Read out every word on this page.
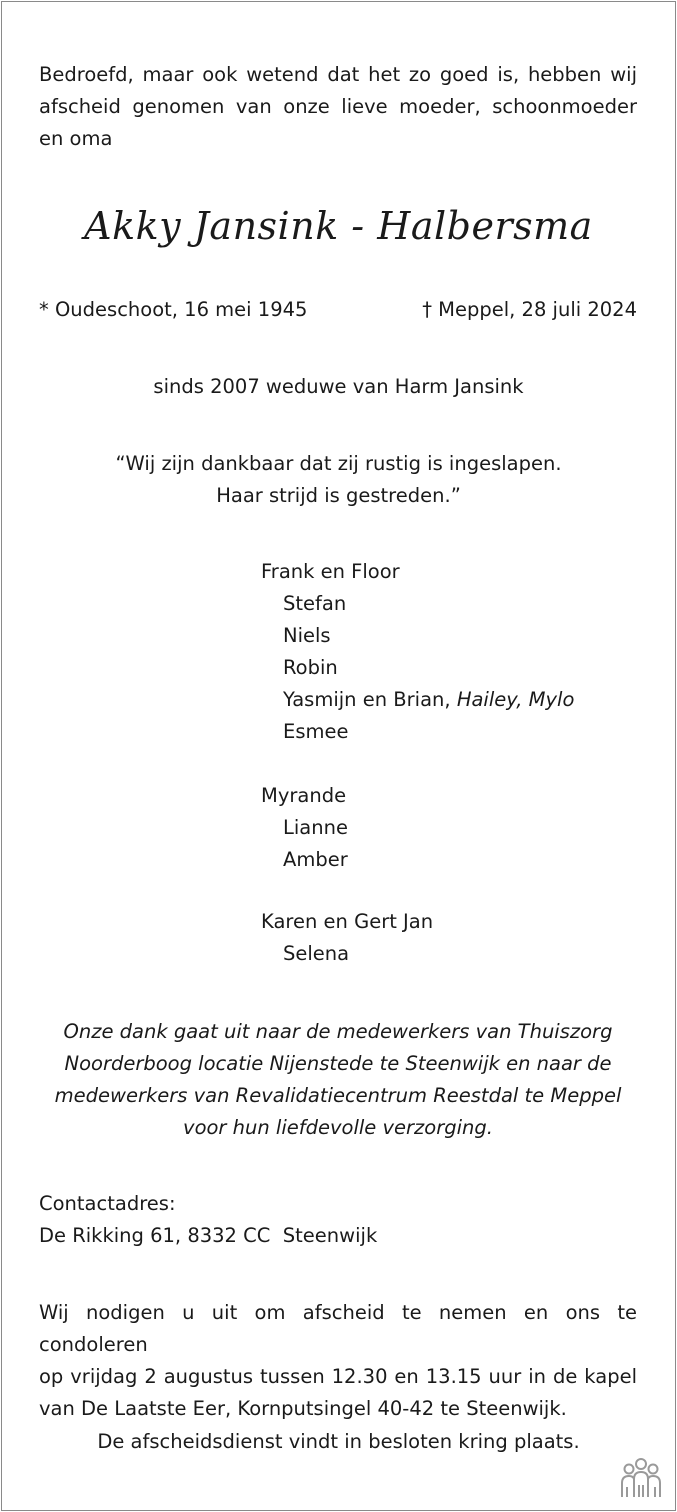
Bedroefd, maar ook wetend dat het zo goed is, hebben wij
afscheid genomen van onze lieve moeder, schoonmoeder
en oma
Akky Jansink - Halbersma
* Oudeschoot, 16 mei 1945	† Meppel, 28 juli 2024
sinds 2007 weduwe van Harm Jansink
“Wij zijn dankbaar dat zij rustig is ingeslapen.
Haar strijd is gestreden.”
Frank en Floor
Stefan
Niels
Robin
Yasmijn en Brian, Hailey, Mylo
Esmee
Myrande
Lianne
Amber
Karen en Gert Jan
Selena
Onze dank gaat uit naar de medewerkers van Thuiszorg
Noorderboog locatie Nijenstede te Steenwijk en naar de
medewerkers van Revalidatiecentrum Reestdal te Meppel
voor hun liefdevolle verzorging.
Contactadres:
De Rikking 61, 8332 CC  Steenwijk
Wij nodigen u uit om afscheid te nemen en ons te condoleren
op vrijdag 2 augustus tussen 12.30 en 13.15 uur in de kapel
van De Laatste Eer, Kornputsingel 40-42 te Steenwijk.
De afscheidsdienst vindt in besloten kring plaats.
